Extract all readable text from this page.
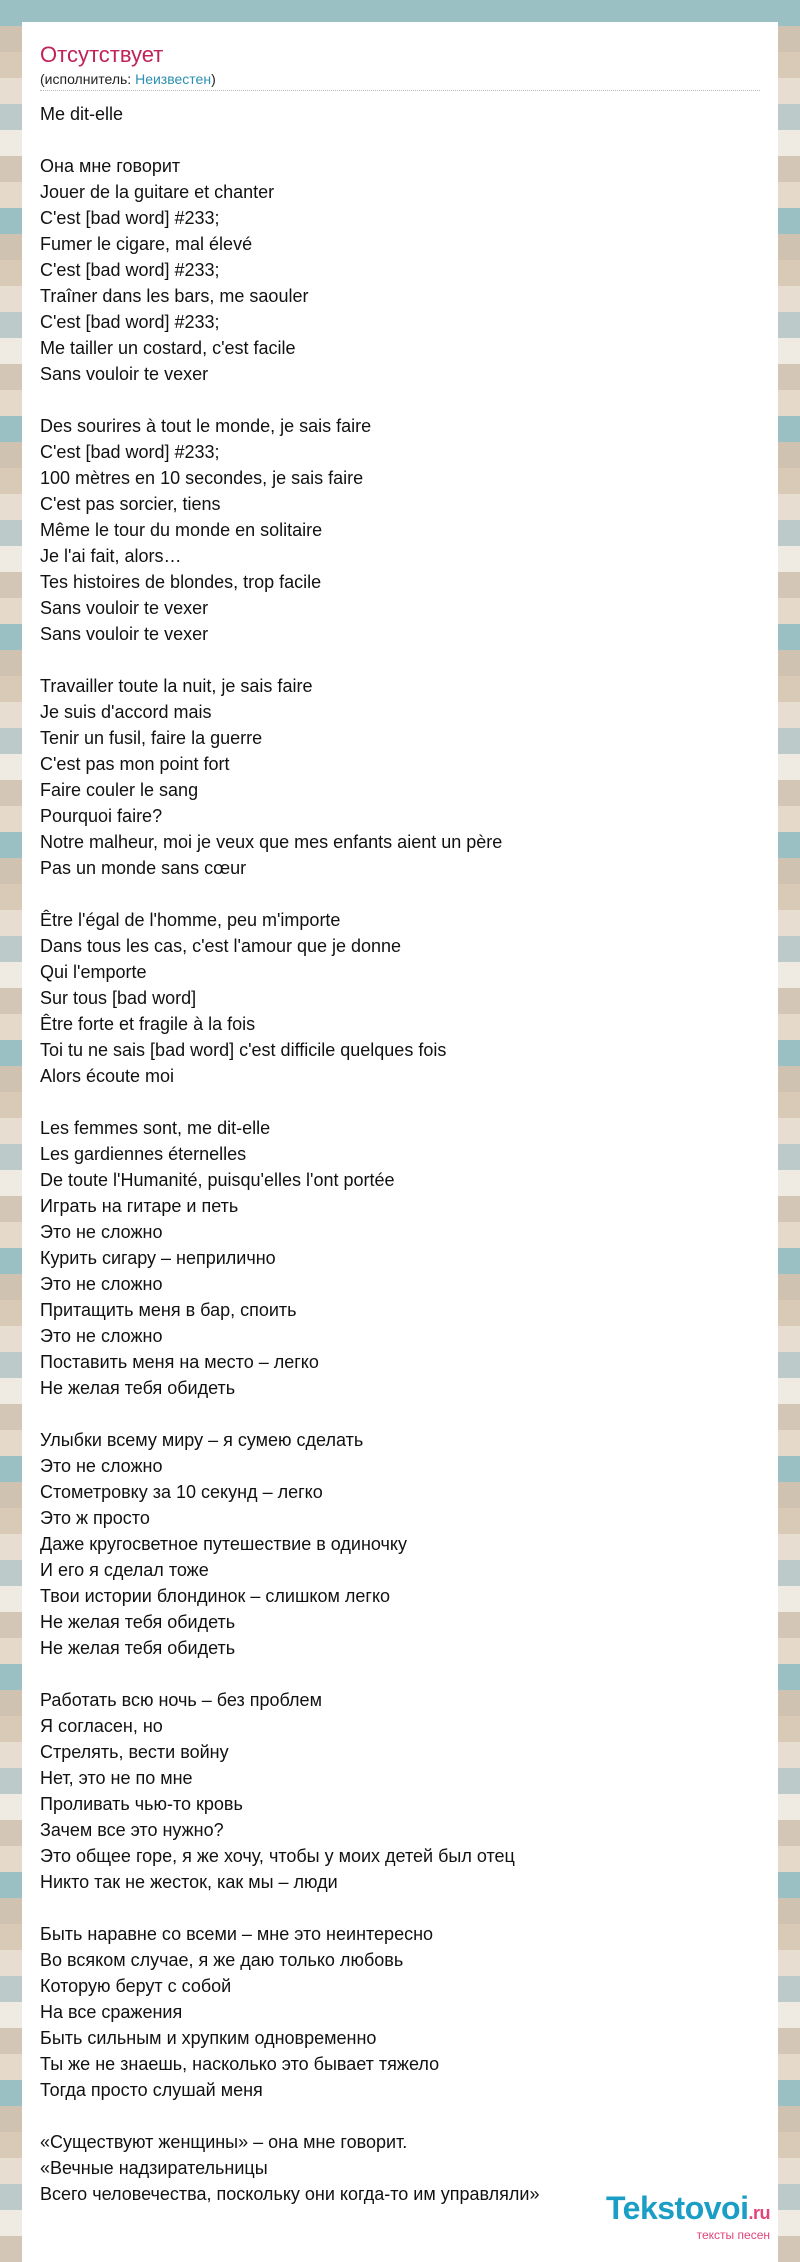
Отсутствует
(исполнитель: Неизвестен)
Me dit-elle
Она мне говорит
Jouer de la guitare et chanter
C'est [bad word] #233;
Fumer le cigare, mal élevé
C'est [bad word] #233;
Traîner dans les bars, me saouler
C'est [bad word] #233;
Me tailler un costard, c'est facile
Sans vouloir te vexer
Des sourires à tout le monde, je sais faire
C'est [bad word] #233;
100 mètres en 10 secondes, je sais faire
C'est pas sorcier, tiens
Même le tour du monde en solitaire
Je l'ai fait, alors…
Tes histoires de blondes, trop facile
Sans vouloir te vexer
Sans vouloir te vexer
Travailler toute la nuit, je sais faire
Je suis d'accord mais
Tenir un fusil, faire la guerre
C'est pas mon point fort
Faire couler le sang
Pourquoi faire?
Notre malheur, moi je veux que mes enfants aient un père
Pas un monde sans cœur
Être l'égal de l'homme, peu m'importe
Dans tous les cas, c'est l'amour que je donne
Qui l'emporte
Sur tous [bad word]
Être forte et fragile à la fois
Toi tu ne sais [bad word] c'est difficile quelques fois
Alors écoute moi
Les femmes sont, me dit-elle
Les gardiennes éternelles
De toute l'Humanité, puisqu'elles l'ont portée
Играть на гитаре и петь
Это не сложно
Курить сигару – неприлично
Это не сложно
Притащить меня в бар, споить
Это не сложно
Поставить меня на место – легко
Не желая тебя обидеть
Улыбки всему миру – я сумею сделать
Это не сложно
Стометровку за 10 секунд – легко
Это ж просто
Даже кругосветное путешествие в одиночку
И его я сделал тоже
Твои истории блондинок – слишком легко
Не желая тебя обидеть
Не желая тебя обидеть
Работать всю ночь – без проблем
Я согласен, но
Стрелять, вести войну
Нет, это не по мне
Проливать чью-то кровь
Зачем все это нужно?
Это общее горе, я же хочу, чтобы у моих детей был отец
Никто так не жесток, как мы – люди
Быть наравне со всеми – мне это неинтересно
Во всяком случае, я же даю только любовь
Которую берут с собой
На все сражения
Быть сильным и хрупким одновременно
Ты же не знаешь, насколько это бывает тяжело
Тогда просто слушай меня
«Существуют женщины» – она мне говорит.
«Вечные надзирательницы
Всего человечества, поскольку они когда-то им управляли»	Tekstovoi.ru
тексты песен
